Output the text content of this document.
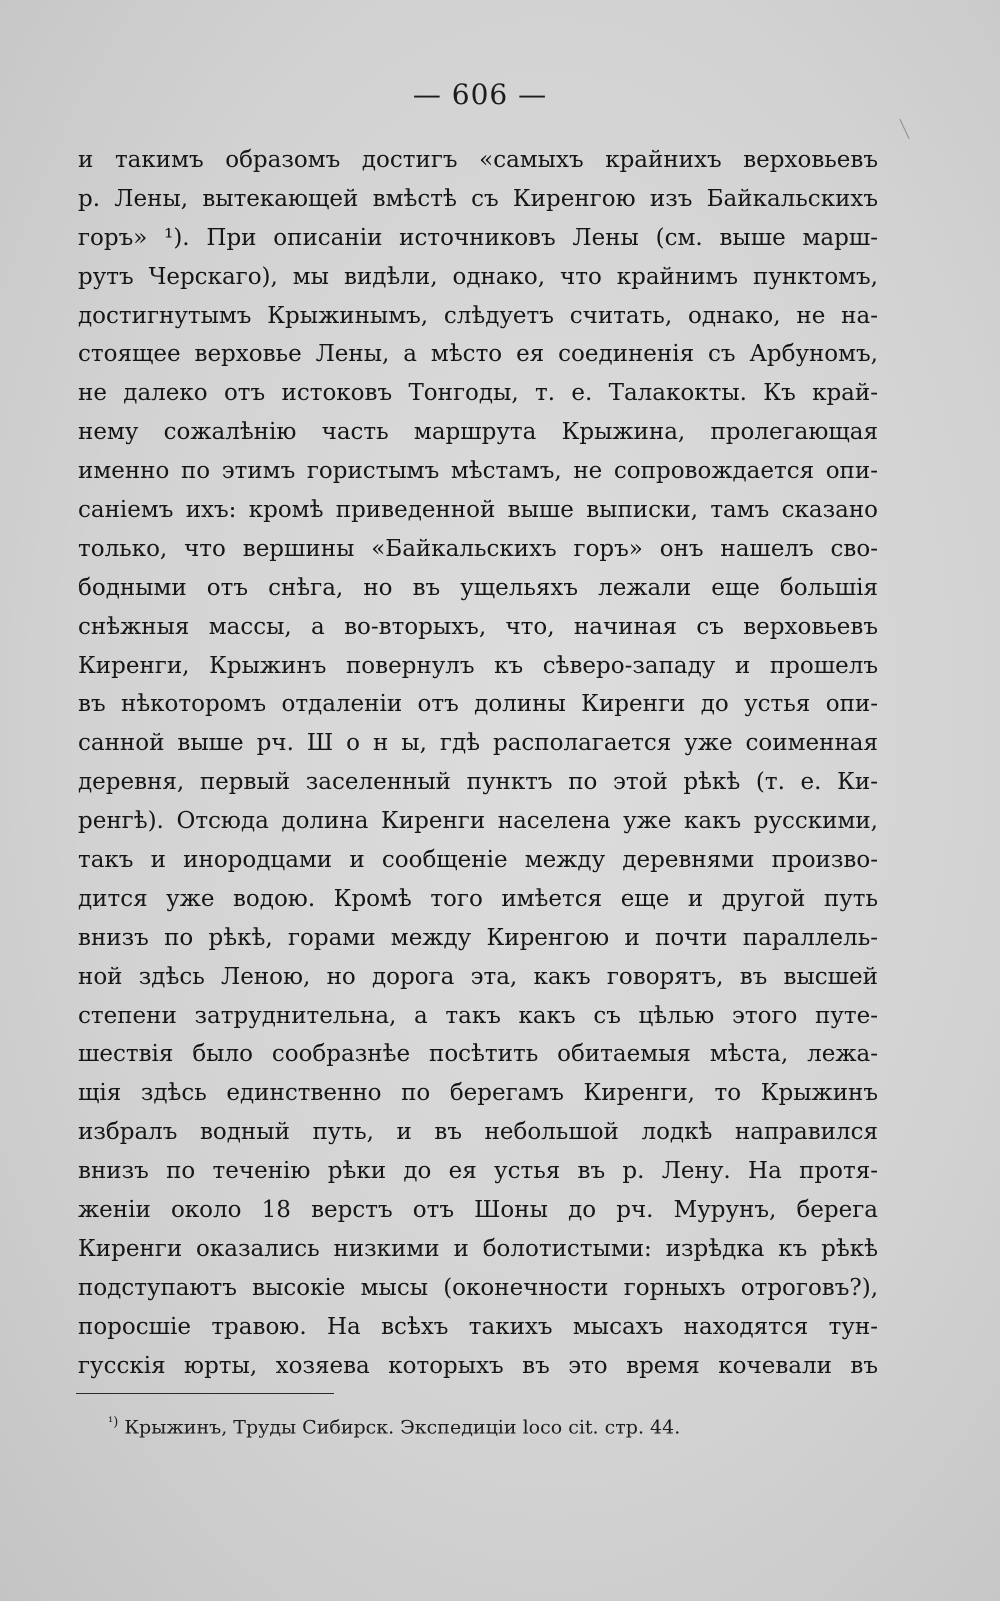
— 606 —
и такимъ образомъ достигъ «самыхъ крайнихъ верховьевъ
р. Лены, вытекающей вмѣстѣ съ Киренгою изъ Байкальскихъ
горъ» ¹). При описаніи источниковъ Лены (см. выше марш-
рутъ Черскаго), мы видѣли, однако, что крайнимъ пунктомъ,
достигнутымъ Крыжинымъ, слѣдуетъ считать, однако, не на-
стоящее верховье Лены, а мѣсто ея соединенія съ Арбуномъ,
не далеко отъ истоковъ Тонгоды, т. е. Талакокты. Къ край-
нему сожалѣнію часть маршрута Крыжина, пролегающая
именно по этимъ гористымъ мѣстамъ, не сопровождается опи-
саніемъ ихъ: кромѣ приведенной выше выписки, тамъ сказано
только, что вершины «Байкальскихъ горъ» онъ нашелъ сво-
бодными отъ снѣга, но въ ущельяхъ лежали еще большія
снѣжныя массы, а во-вторыхъ, что, начиная съ верховьевъ
Киренги, Крыжинъ повернулъ къ сѣверо-западу и прошелъ
въ нѣкоторомъ отдаленіи отъ долины Киренги до устья опи-
санной выше рч. Ш о н ы, гдѣ располагается уже соименная
деревня, первый заселенный пунктъ по этой рѣкѣ (т. е. Ки-
ренгѣ). Отсюда долина Киренги населена уже какъ русскими,
такъ и инородцами и сообщеніе между деревнями произво-
дится уже водою. Кромѣ того имѣется еще и другой путь
внизъ по рѣкѣ, горами между Киренгою и почти параллель-
ной здѣсь Леною, но дорога эта, какъ говорятъ, въ высшей
степени затруднительна, а такъ какъ съ цѣлью этого путе-
шествія было сообразнѣе посѣтить обитаемыя мѣста, лежа-
щія здѣсь единственно по берегамъ Киренги, то Крыжинъ
избралъ водный путь, и въ небольшой лодкѣ направился
внизъ по теченію рѣки до ея устья въ р. Лену. На протя-
женіи около 18 верстъ отъ Шоны до рч. Мурунъ, берега
Киренги оказались низкими и болотистыми: изрѣдка къ рѣкѣ
подступаютъ высокіе мысы (оконечности горныхъ отроговъ?),
поросшіе травою. На всѣхъ такихъ мысахъ находятся тун-
гусскія юрты, хозяева которыхъ въ это время кочевали въ
$^{^1)}$ Крыжинъ, Труды Сибирск. Экспедиціи loco cit. стр. 44.
